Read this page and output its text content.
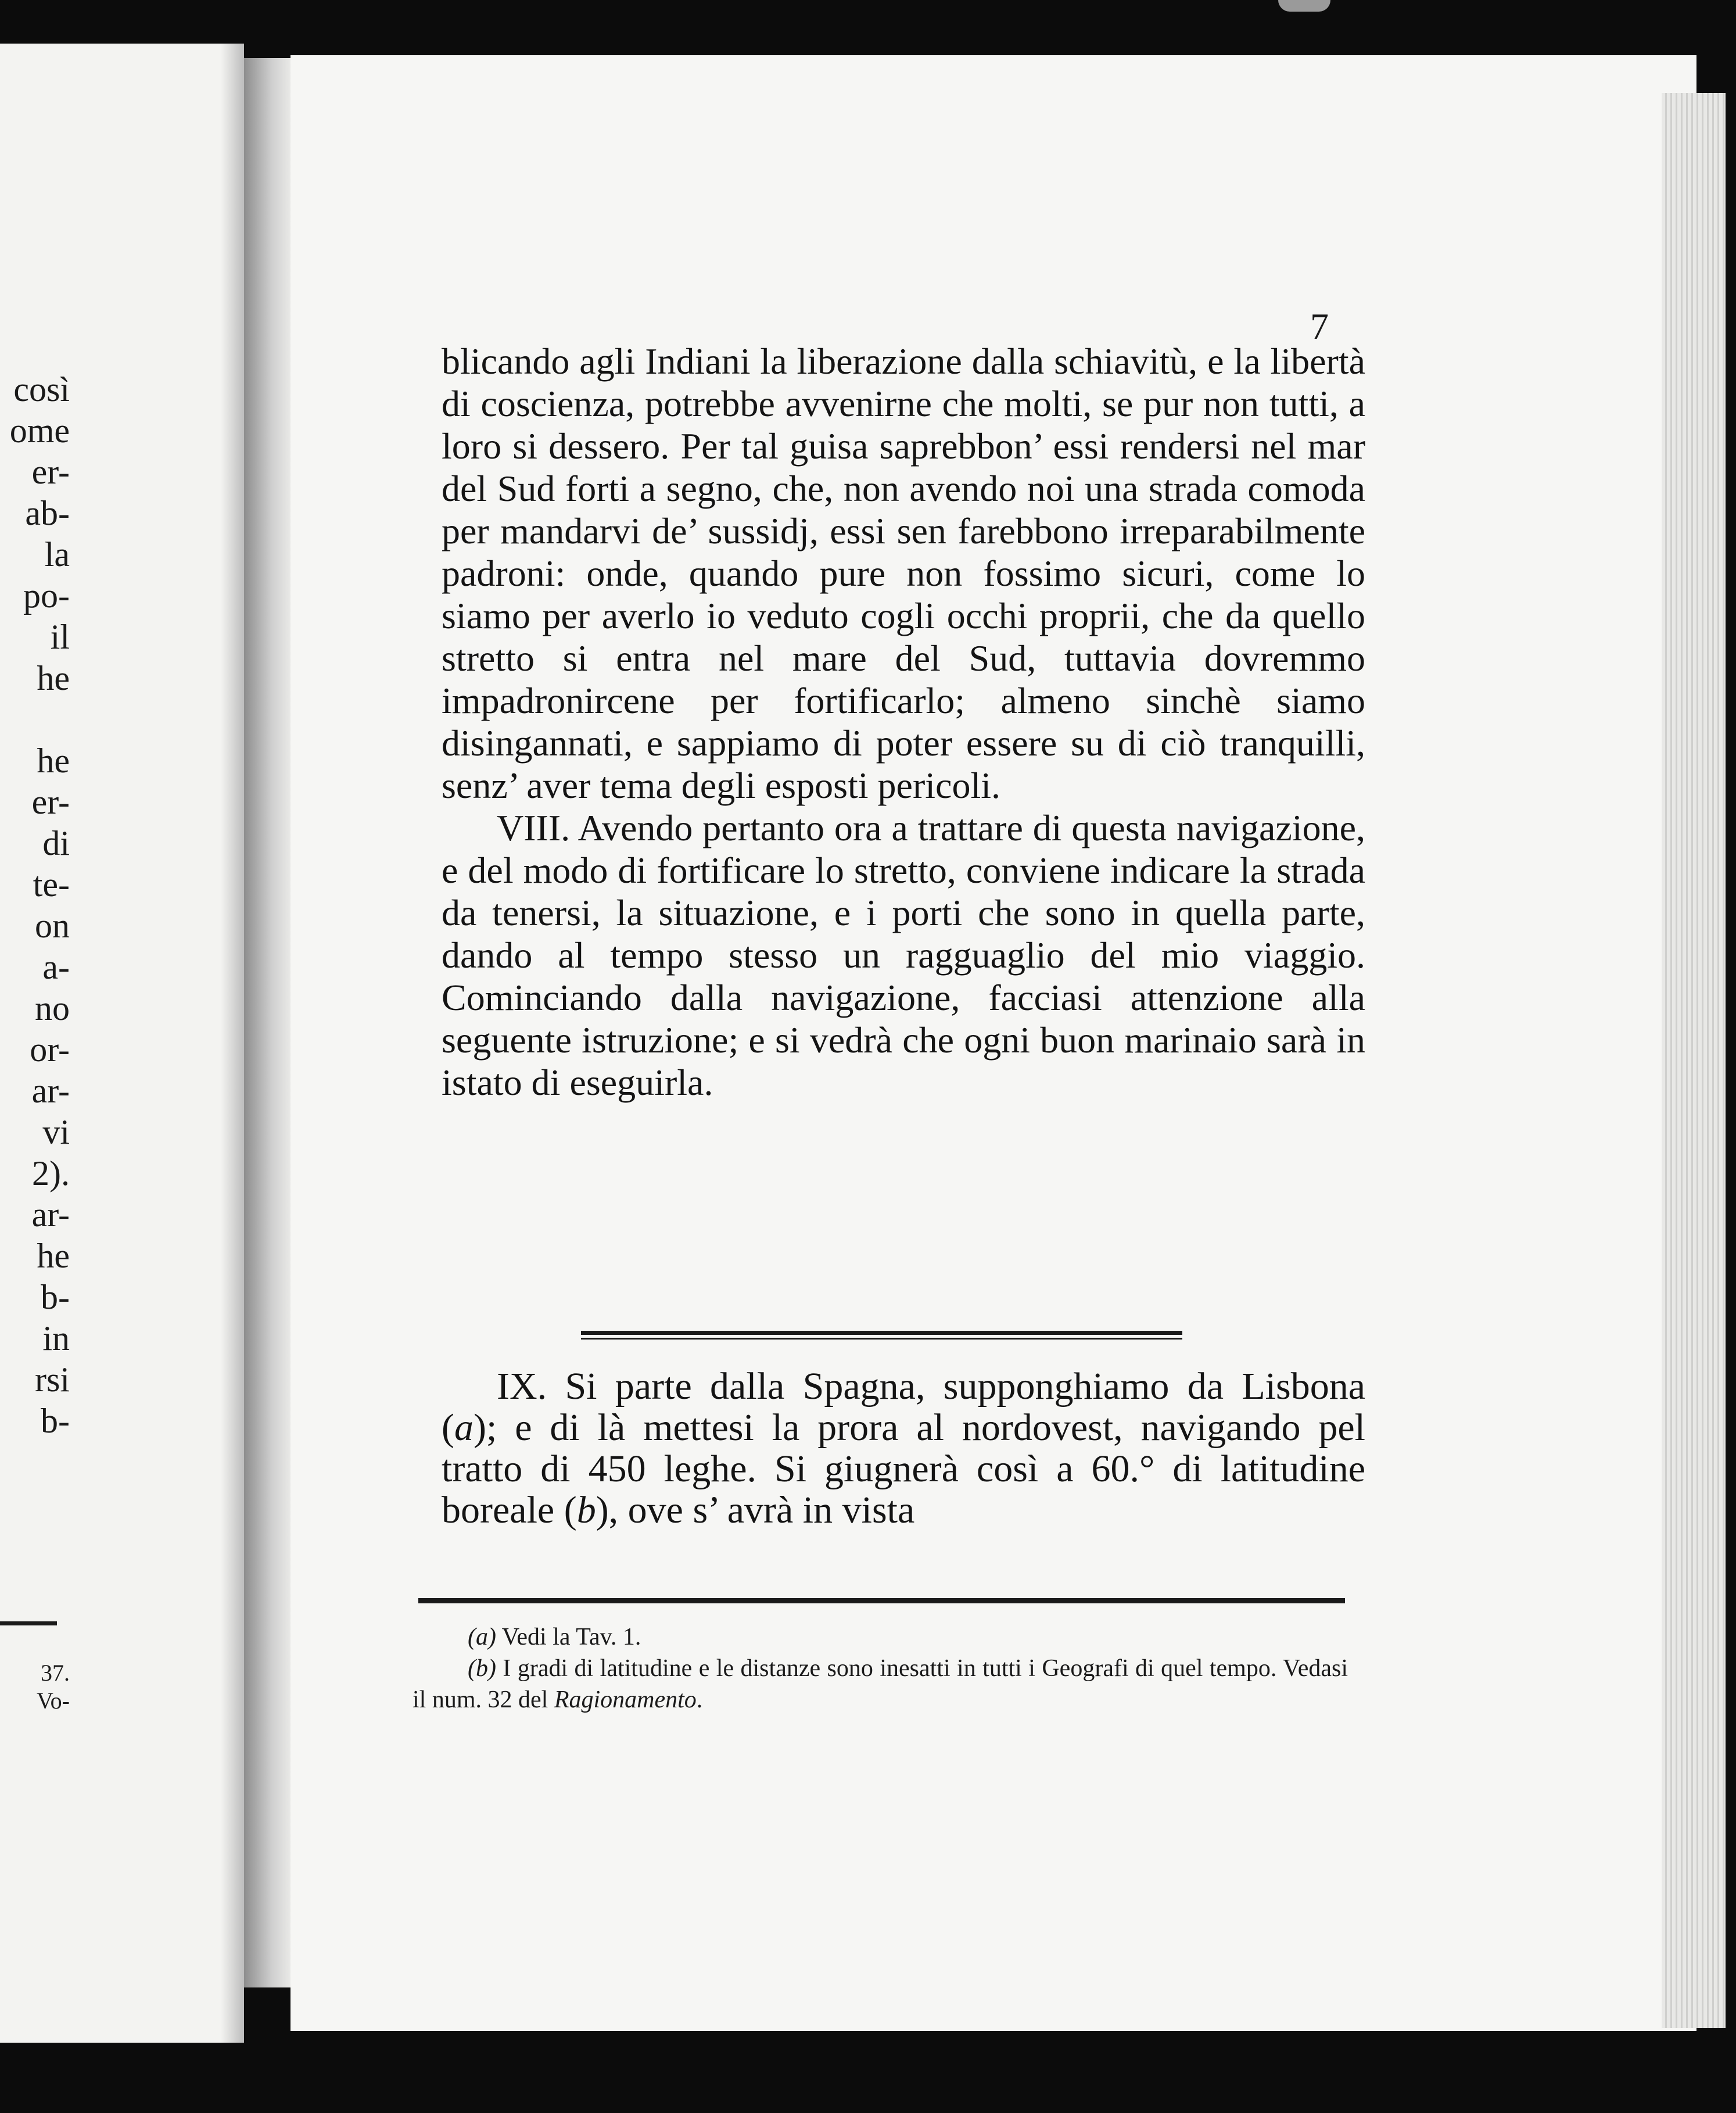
così
ome
er-
ab-
la
po-
il
he

he
er-
di
te-
on
a-
no
or-
ar-
vi
2).
ar-
he
b-
in
rsi
b-
37.
Vo-
7

blicando agli Indiani la liberazione dalla schiavitù, e la libertà di coscienza, potrebbe avvenirne che molti, se pur non tutti, a loro si dessero. Per tal guisa saprebbon’ essi rendersi nel mar del Sud forti a segno, che, non avendo noi una strada comoda per mandarvi de’ sussidj, essi sen farebbono irreparabilmente padroni: onde, quando pure non fossimo sicuri, come lo siamo per averlo io veduto cogli occhi proprii, che da quello stretto si entra nel mare del Sud, tuttavia dovremmo impadronircene per fortificarlo; almeno sinchè siamo disingannati, e sappiamo di poter essere su di ciò tranquilli, senz’ aver tema degli esposti pericoli.

VIII. Avendo pertanto ora a trattare di questa navigazione, e del modo di fortificare lo stretto, conviene indicare la strada da tenersi, la situazione, e i porti che sono in quella parte, dando al tempo stesso un ragguaglio del mio viaggio. Cominciando dalla navigazione, facciasi attenzione alla seguente istruzione; e si vedrà che ogni buon marinaio sarà in istato di eseguirla.

IX. Si parte dalla Spagna, supponghiamo da Lisbona (a); e di là mettesi la prora al nordovest, navigando pel tratto di 450 leghe. Si giugnerà così a 60.° di latitudine boreale (b), ove s’ avrà in vista

(a) Vedi la Tav. 1.

(b) I gradi di latitudine e le distanze sono inesatti in tutti i Geografi di quel tempo. Vedasi il num. 32 del Ragionamento.
